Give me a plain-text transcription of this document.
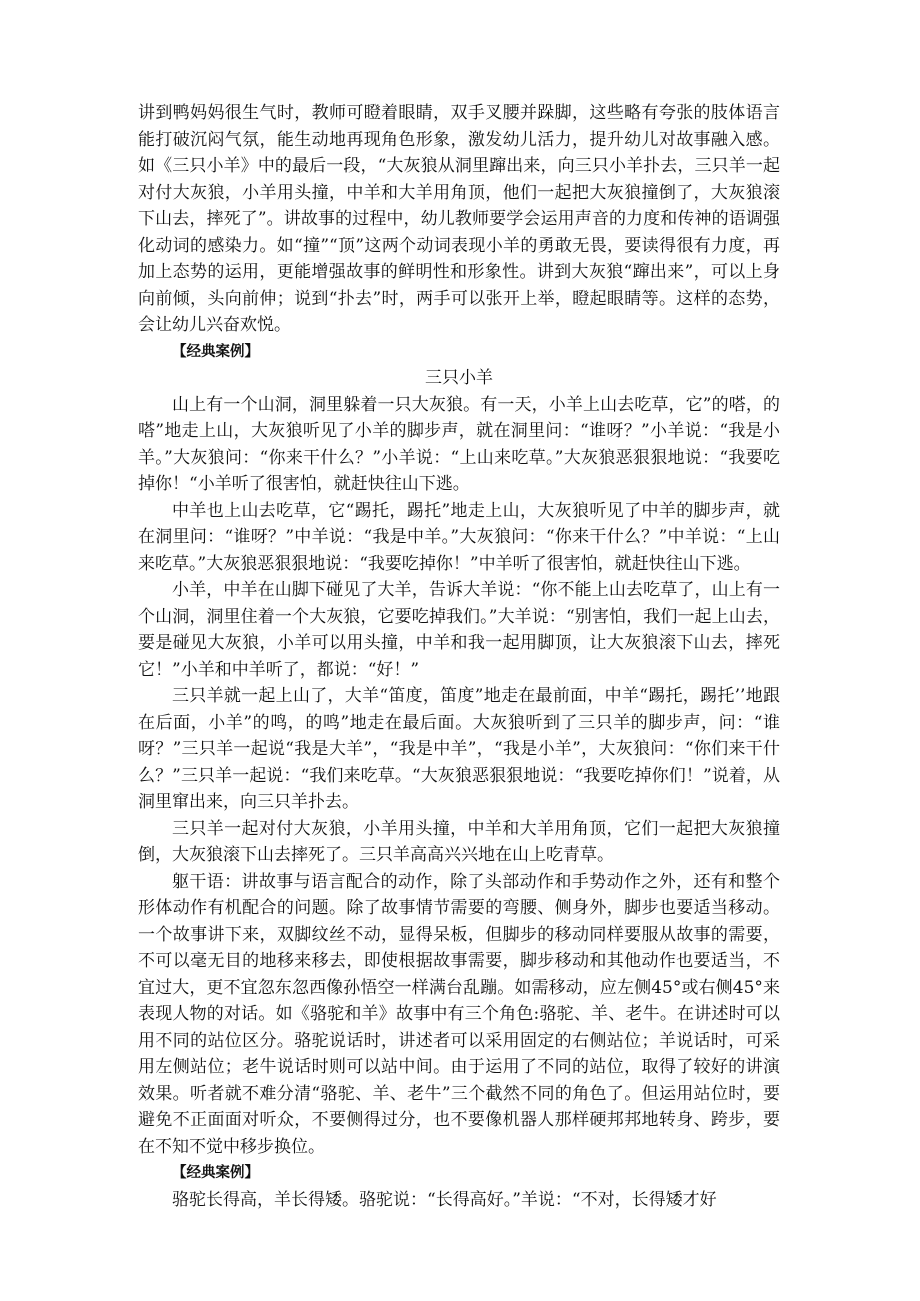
讲到鸭妈妈很生气时，教师可瞪着眼睛，双手叉腰并跺脚，这些略有夸张的肢体语言能打破沉闷气氛，能生动地再现角色形象，激发幼儿活力，提升幼儿对故事融入感。如《三只小羊》中的最后一段，“大灰狼从洞里蹿出来，向三只小羊扑去，三只羊一起对付大灰狼，小羊用头撞，中羊和大羊用角顶，他们一起把大灰狼撞倒了，大灰狼滚下山去，摔死了”。讲故事的过程中，幼儿教师要学会运用声音的力度和传神的语调强化动词的感染力。如“撞”“顶”这两个动词表现小羊的勇敢无畏，要读得很有力度，再加上态势的运用，更能增强故事的鲜明性和形象性。讲到大灰狼“蹿出来”，可以上身向前倾，头向前伸；说到“扑去”时，两手可以张开上举，瞪起眼睛等。这样的态势，会让幼儿兴奋欢悦。

【经典案例】

三只小羊

山上有一个山洞，洞里躲着一只大灰狼。有一天，小羊上山去吃草，它”的嗒，的嗒”地走上山，大灰狼听见了小羊的脚步声，就在洞里问：“谁呀？”小羊说：“我是小羊。”大灰狼问：“你来干什么？”小羊说：“上山来吃草。”大灰狼恶狠狠地说：“我要吃掉你！“小羊听了很害怕，就赶快往山下逃。

中羊也上山去吃草，它“踢托，踢托”地走上山，大灰狼听见了中羊的脚步声，就在洞里问：“谁呀？”中羊说：“我是中羊。”大灰狼问：“你来干什么？”中羊说：“上山来吃草。”大灰狼恶狠狠地说：“我要吃掉你！”中羊听了很害怕，就赶快往山下逃。

小羊，中羊在山脚下碰见了大羊，告诉大羊说：“你不能上山去吃草了，山上有一个山洞，洞里住着一个大灰狼，它要吃掉我们。”大羊说：“别害怕，我们一起上山去，要是碰见大灰狼，小羊可以用头撞，中羊和我一起用脚顶，让大灰狼滚下山去，摔死它！”小羊和中羊听了，都说：“好！”

三只羊就一起上山了，大羊“笛度，笛度”地走在最前面，中羊“踢托，踢托’’地跟在后面，小羊”的鸣，的鸣”地走在最后面。大灰狼听到了三只羊的脚步声，问：“谁呀？”三只羊一起说“我是大羊”，“我是中羊”，“我是小羊”，大灰狼问：“你们来干什么？”三只羊一起说：“我们来吃草。“大灰狼恶狠狠地说：“我要吃掉你们！”说着，从洞里窜出来，向三只羊扑去。

三只羊一起对付大灰狼，小羊用头撞，中羊和大羊用角顶，它们一起把大灰狼撞倒，大灰狼滚下山去摔死了。三只羊高高兴兴地在山上吃青草。

躯干语：讲故事与语言配合的动作，除了头部动作和手势动作之外，还有和整个形体动作有机配合的问题。除了故事情节需要的弯腰、侧身外，脚步也要适当移动。一个故事讲下来，双脚纹丝不动，显得呆板，但脚步的移动同样要服从故事的需要，不可以毫无目的地移来移去，即使根据故事需要，脚步移动和其他动作也要适当，不宜过大，更不宜忽东忽西像孙悟空一样满台乱蹦。如需移动，应左侧45°或右侧45°来表现人物的对话。如《骆驼和羊》故事中有三个角色:骆驼、羊、老牛。在讲述时可以用不同的站位区分。骆驼说话时，讲述者可以采用固定的右侧站位；羊说话时，可采用左侧站位；老牛说话时则可以站中间。由于运用了不同的站位，取得了较好的讲演效果。听者就不难分清“骆驼、羊、老牛”三个截然不同的角色了。但运用站位时，要避免不正面面对听众，不要侧得过分，也不要像机器人那样硬邦邦地转身、跨步，要在不知不觉中移步换位。

【经典案例】

骆驼长得高，羊长得矮。骆驼说：“长得高好。”羊说：“不对，长得矮才好
